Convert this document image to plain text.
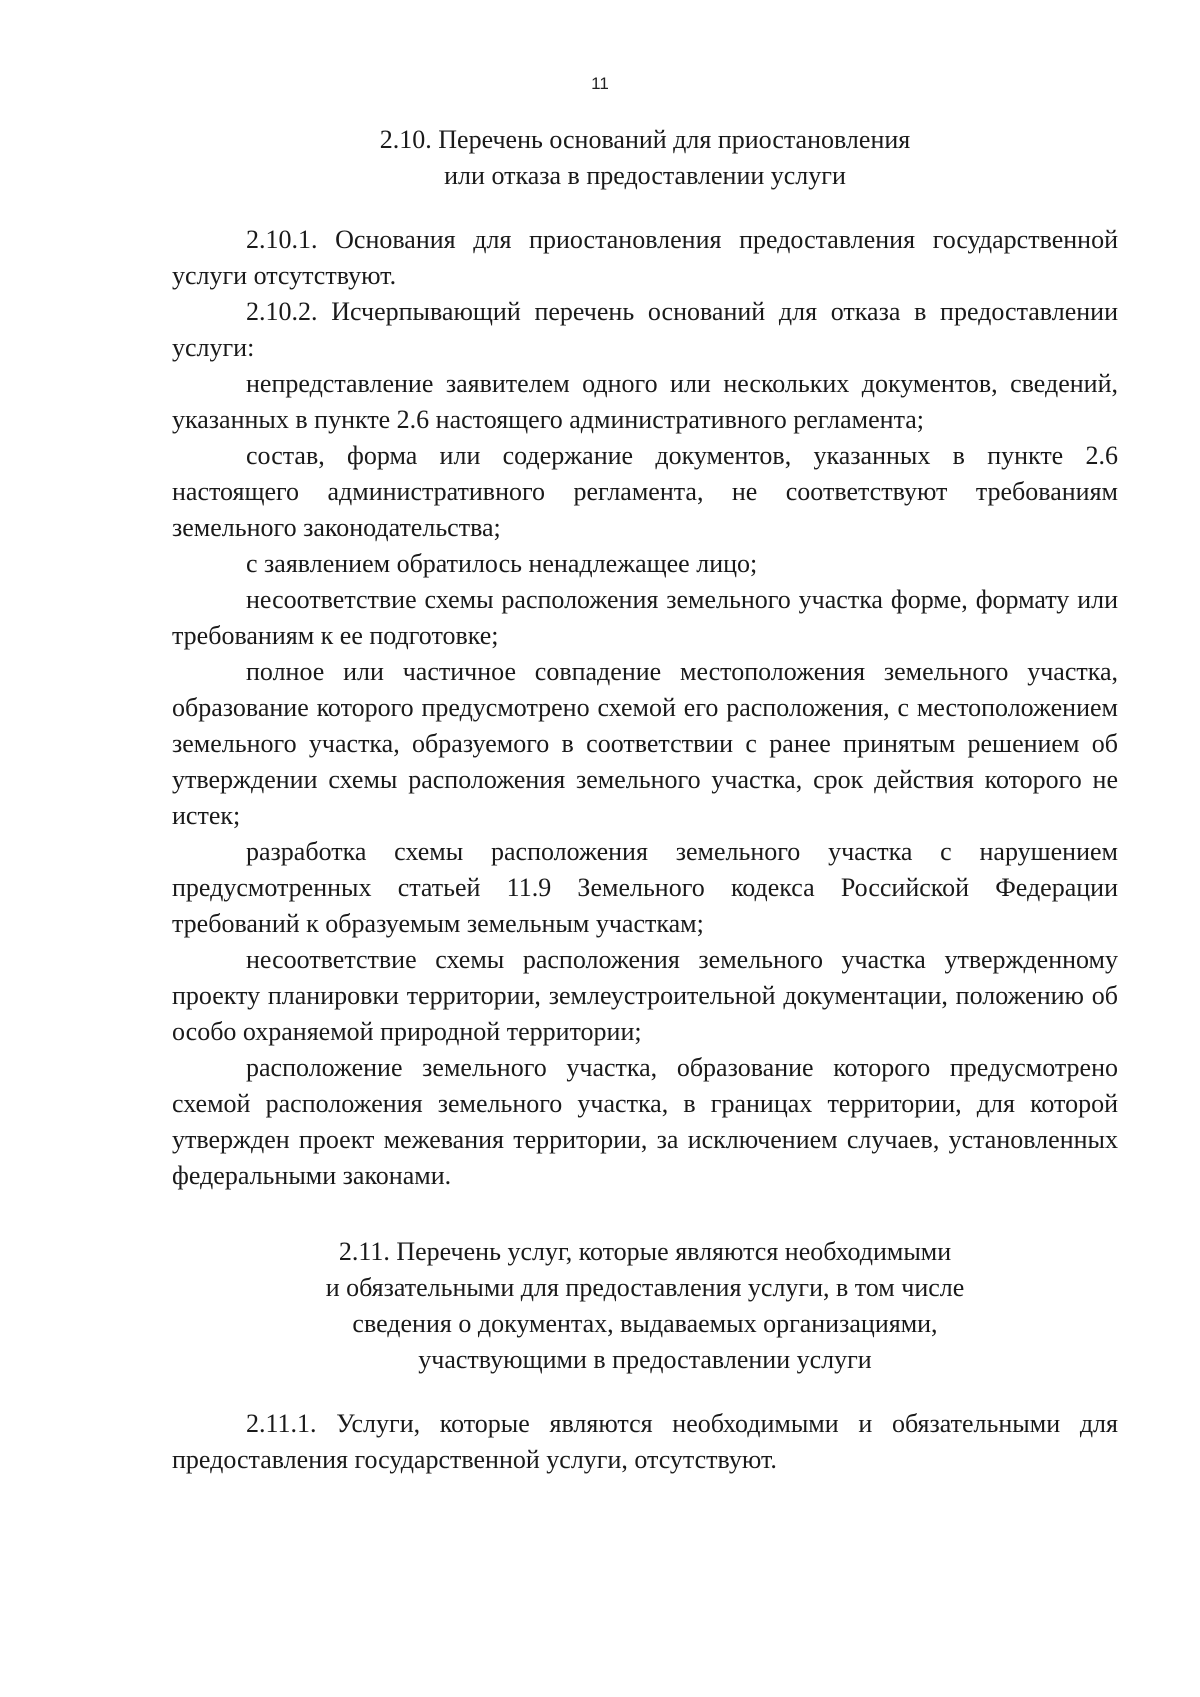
11
2.10. Перечень оснований для приостановления
или отказа в предоставлении услуги

2.10.1. Основания для приостановления предоставления государственной услуги отсутствуют.

2.10.2. Исчерпывающий перечень оснований для отказа в предоставлении услуги:

непредставление заявителем одного или нескольких документов, сведений, указанных в пункте 2.6 настоящего административного регламента;

состав, форма или содержание документов, указанных в пункте 2.6 настоящего административного регламента, не соответствуют требованиям земельного законодательства;

с заявлением обратилось ненадлежащее лицо;

несоответствие схемы расположения земельного участка форме, формату или требованиям к ее подготовке;

полное или частичное совпадение местоположения земельного участка, образование которого предусмотрено схемой его расположения, с местоположением земельного участка, образуемого в соответствии с ранее принятым решением об утверждении схемы расположения земельного участка, срок действия которого не истек;

разработка схемы расположения земельного участка с нарушением предусмотренных статьей 11.9 Земельного кодекса Российской Федерации требований к образуемым земельным участкам;

несоответствие схемы расположения земельного участка утвержденному проекту планировки территории, землеустроительной документации, положению об особо охраняемой природной территории;

расположение земельного участка, образование которого предусмотрено схемой расположения земельного участка, в границах территории, для которой утвержден проект межевания территории, за исключением случаев, установленных федеральными законами.

2.11. Перечень услуг, которые являются необходимыми
и обязательными для предоставления услуги, в том числе
сведения о документах, выдаваемых организациями,
участвующими в предоставлении услуги

2.11.1. Услуги, которые являются необходимыми и обязательными для предоставления государственной услуги, отсутствуют.
